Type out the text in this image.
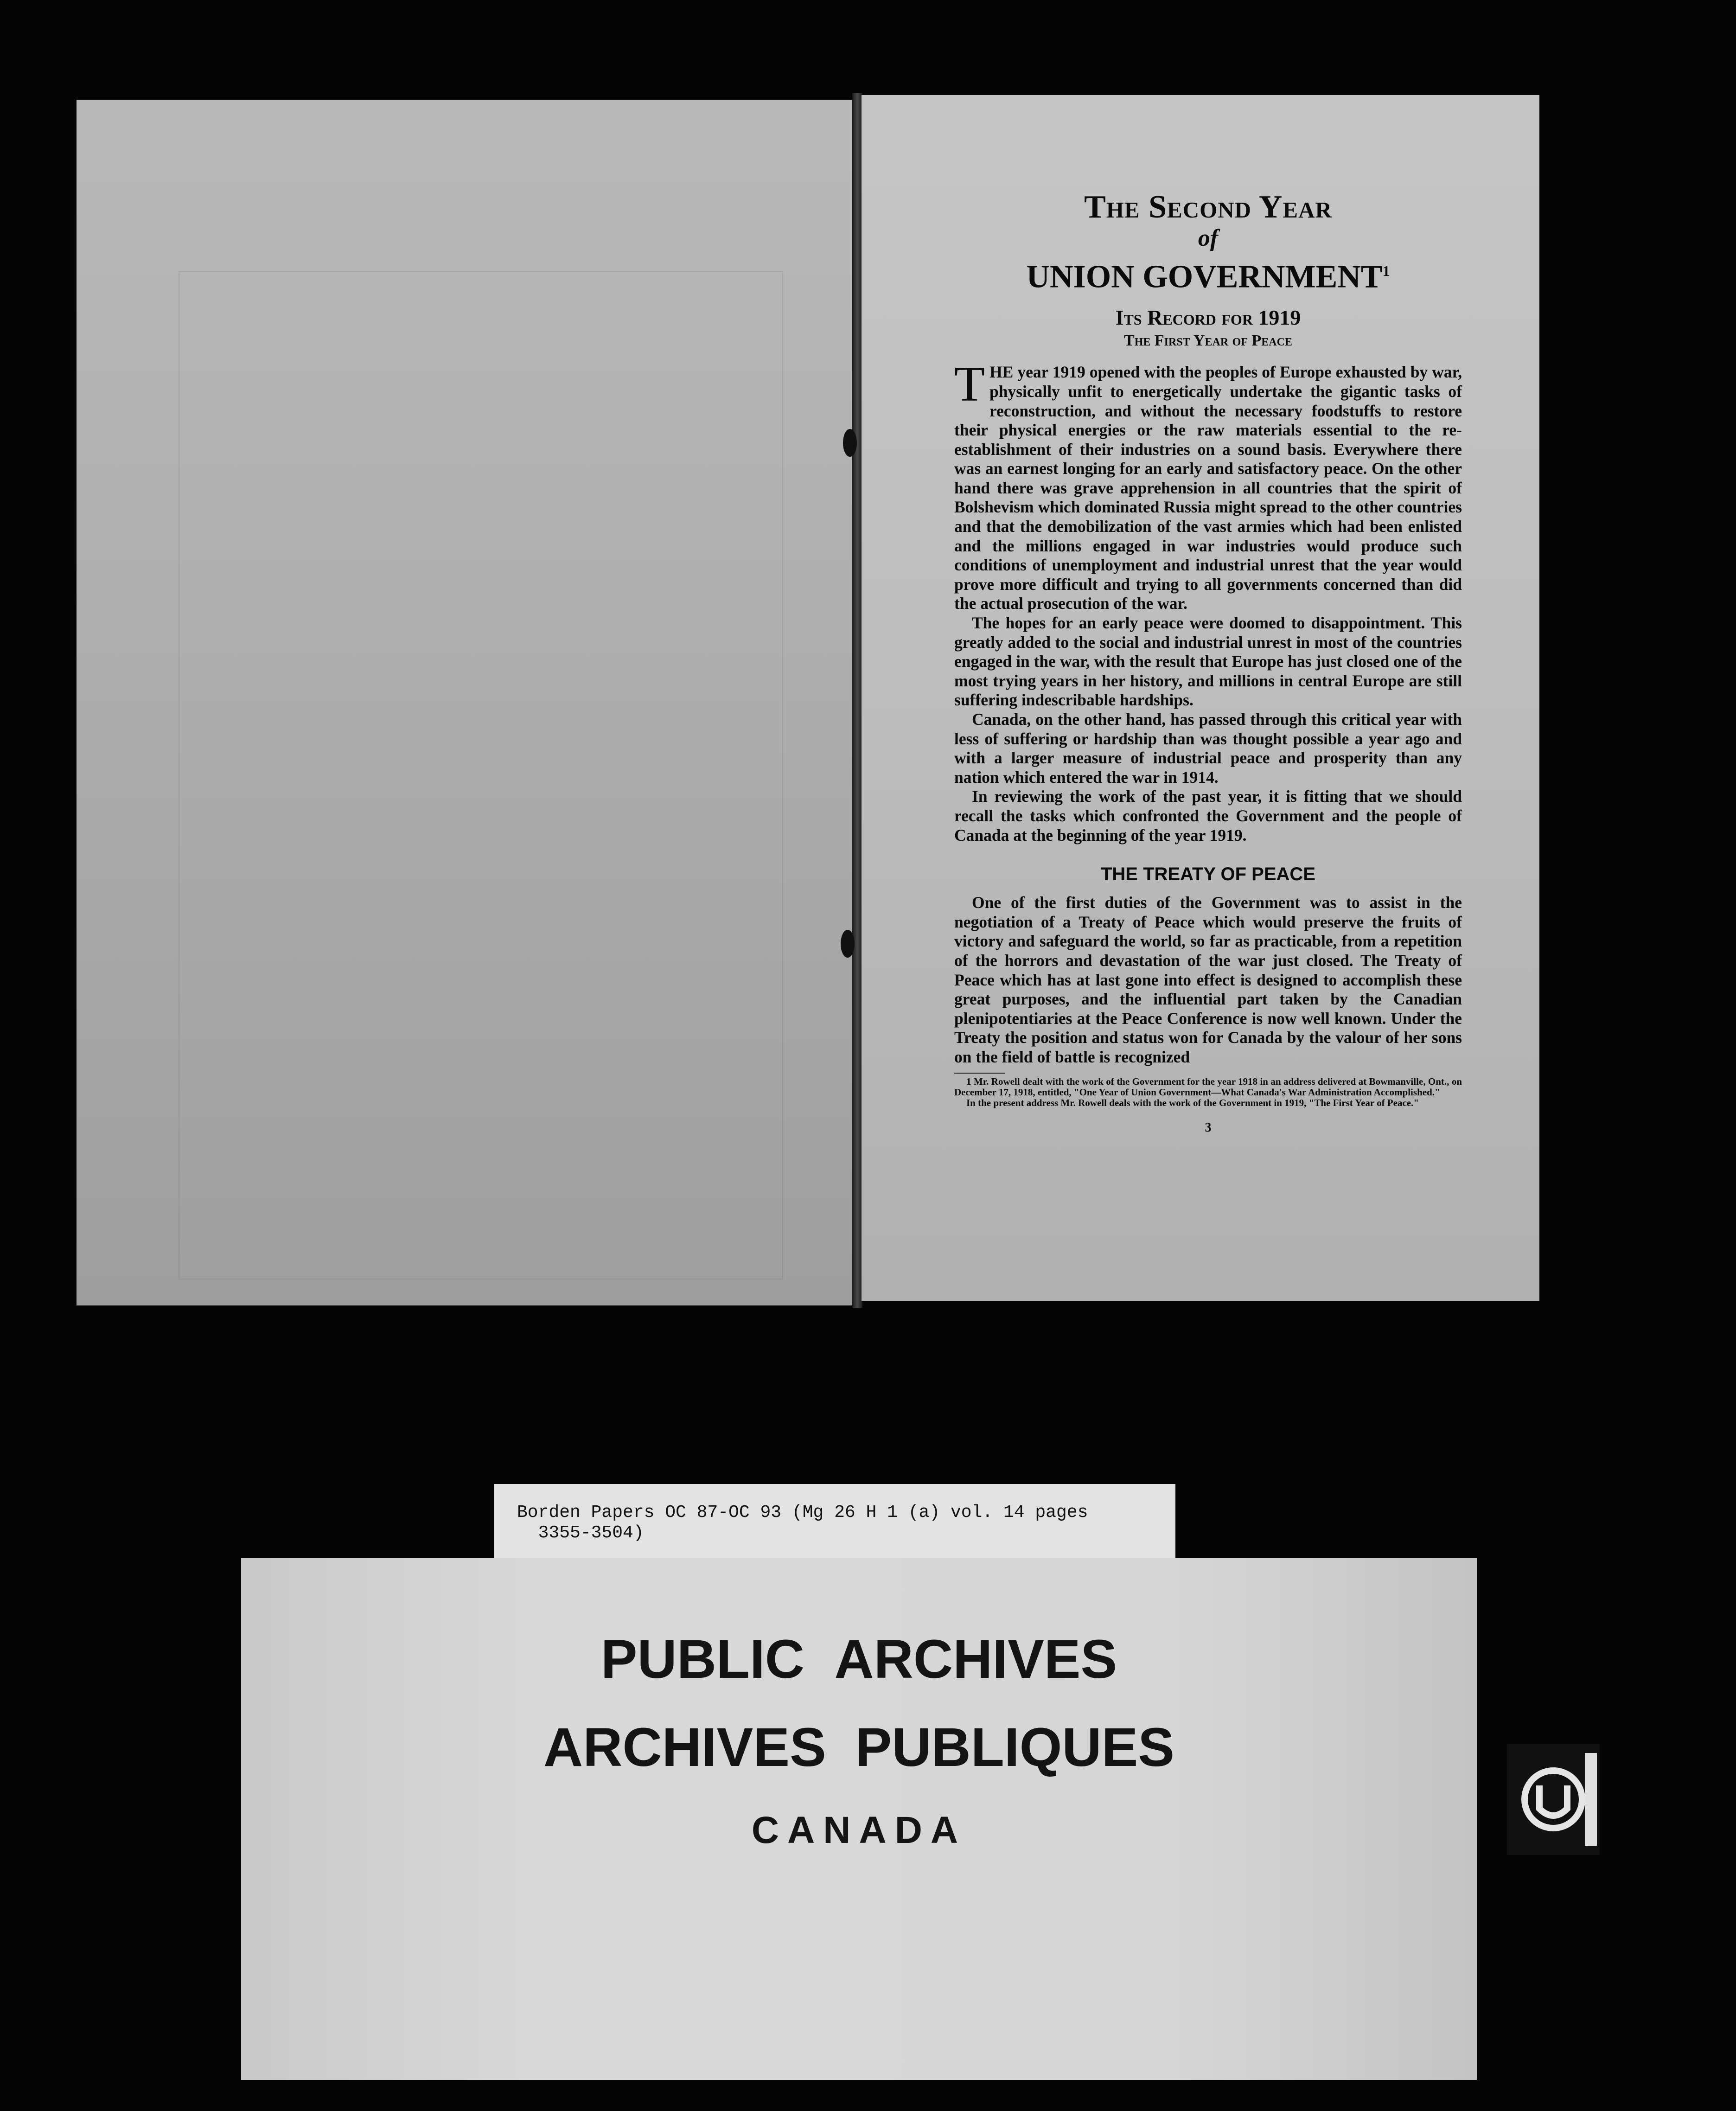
The Second Year
of
UNION GOVERNMENT$^1$
Its Record for 1919
The First Year of Peace

THE year 1919 opened with the peoples of Europe exhausted by war, physically unfit to energetically undertake the gigantic tasks of reconstruction, and without the necessary foodstuffs to restore their physical energies or the raw materials essential to the re-establishment of their industries on a sound basis. Everywhere there was an earnest longing for an early and satisfactory peace. On the other hand there was grave apprehension in all countries that the spirit of Bolshevism which dominated Russia might spread to the other countries and that the demobilization of the vast armies which had been enlisted and the millions engaged in war industries would produce such conditions of unemployment and industrial unrest that the year would prove more difficult and trying to all governments concerned than did the actual prosecution of the war.

The hopes for an early peace were doomed to disappointment. This greatly added to the social and industrial unrest in most of the countries engaged in the war, with the result that Europe has just closed one of the most trying years in her history, and millions in central Europe are still suffering indescribable hardships.

Canada, on the other hand, has passed through this critical year with less of suffering or hardship than was thought possible a year ago and with a larger measure of industrial peace and prosperity than any nation which entered the war in 1914.

In reviewing the work of the past year, it is fitting that we should recall the tasks which confronted the Government and the people of Canada at the beginning of the year 1919.

THE TREATY OF PEACE

One of the first duties of the Government was to assist in the negotiation of a Treaty of Peace which would preserve the fruits of victory and safeguard the world, so far as practicable, from a repetition of the horrors and devastation of the war just closed. The Treaty of Peace which has at last gone into effect is designed to accomplish these great purposes, and the influential part taken by the Canadian plenipotentiaries at the Peace Conference is now well known. Under the Treaty the position and status won for Canada by the valour of her sons on the field of battle is recognized

1 Mr. Rowell dealt with the work of the Government for the year 1918 in an address delivered at Bowmanville, Ont., on December 17, 1918, entitled, "One Year of Union Government—What Canada's War Administration Accomplished."

In the present address Mr. Rowell deals with the work of the Government in 1919, "The First Year of Peace."

3
Borden Papers OC 87-OC 93 (Mg 26 H 1 (a) vol. 14 pages
3355-3504)
PUBLIC ARCHIVES
ARCHIVES PUBLIQUES
CANADA
